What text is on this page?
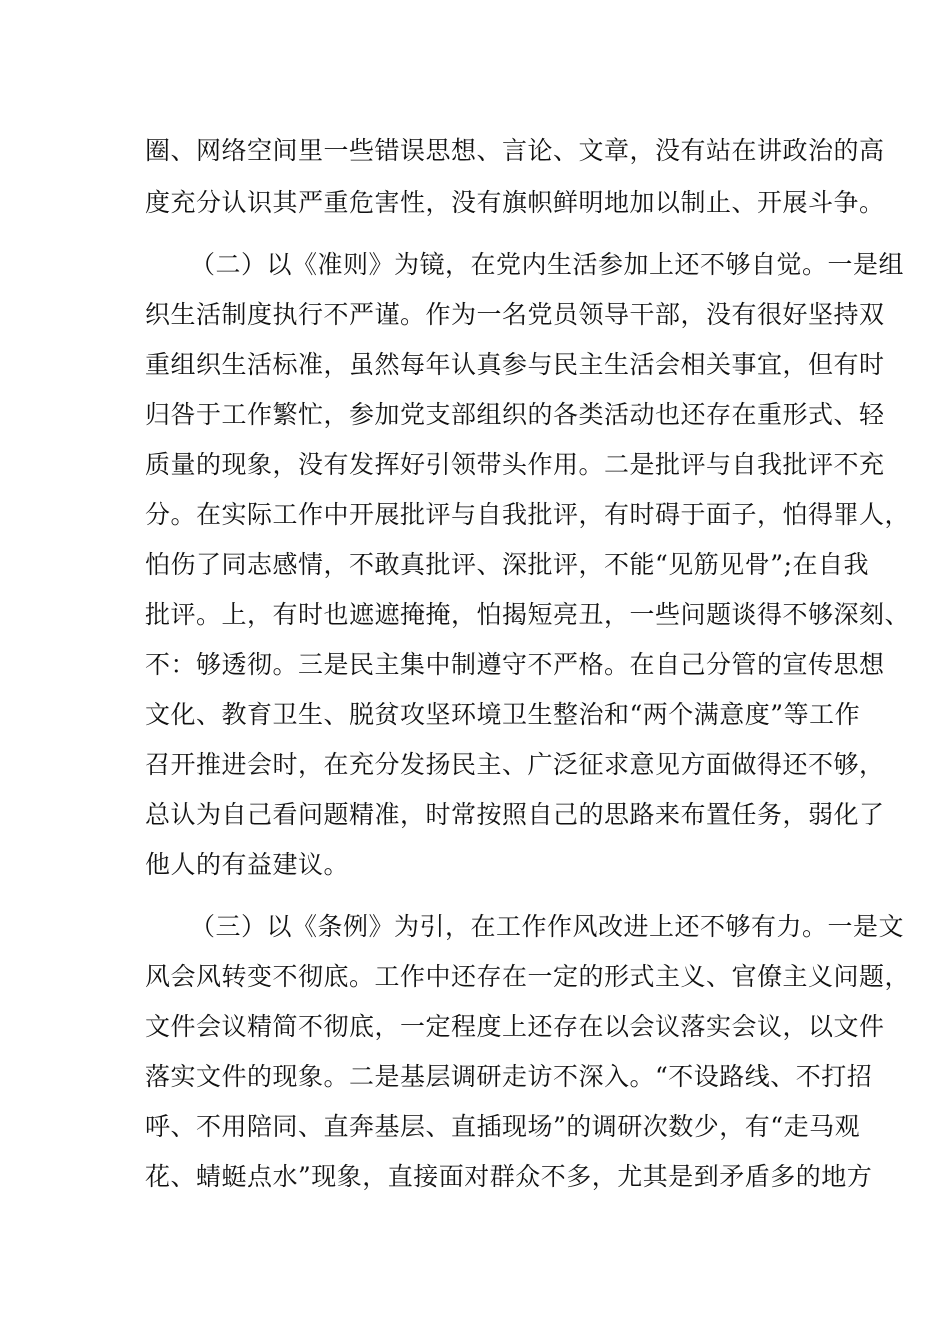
圈、网络空间里一些错误思想、言论、文章，没有站在讲政治的高
度充分认识其严重危害性，没有旗帜鲜明地加以制止、开展斗争。
（二）以《准则》为镜，在党内生活参加上还不够自觉。一是组
织生活制度执行不严谨。作为一名党员领导干部，没有很好坚持双
重组织生活标准，虽然每年认真参与民主生活会相关事宜，但有时
归咎于工作繁忙，参加党支部组织的各类活动也还存在重形式、轻
质量的现象，没有发挥好引领带头作用。二是批评与自我批评不充
分。在实际工作中开展批评与自我批评，有时碍于面子，怕得罪人，
怕伤了同志感情，不敢真批评、深批评，不能“见筋见骨”;在自我
批评。上，有时也遮遮掩掩，怕揭短亮丑，一些问题谈得不够深刻、
不：够透彻。三是民主集中制遵守不严格。在自己分管的宣传思想
文化、教育卫生、脱贫攻坚环境卫生整治和“两个满意度”等工作
召开推进会时，在充分发扬民主、广泛征求意见方面做得还不够，
总认为自己看问题精准，时常按照自己的思路来布置任务，弱化了
他人的有益建议。
（三）以《条例》为引，在工作作风改进上还不够有力。一是文
风会风转变不彻底。工作中还存在一定的形式主义、官僚主义问题，
文件会议精简不彻底，一定程度上还存在以会议落实会议，以文件
落实文件的现象。二是基层调研走访不深入。“不设路线、不打招
呼、不用陪同、直奔基层、直插现场”的调研次数少，有“走马观
花、蜻蜓点水”现象，直接面对群众不多，尤其是到矛盾多的地方
